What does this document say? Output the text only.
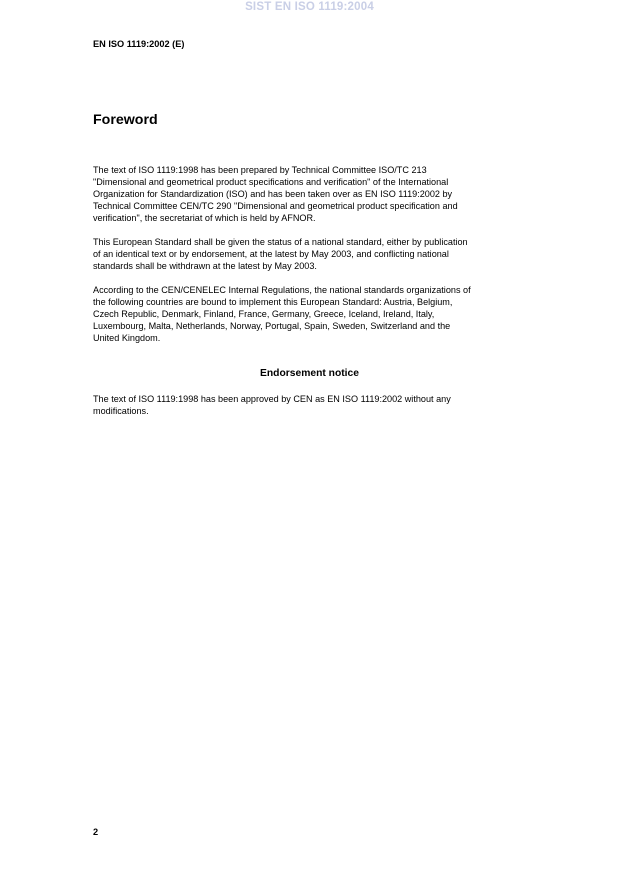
SIST EN ISO 1119:2004
EN ISO 1119:2002 (E)
Foreword

The text of ISO 1119:1998 has been prepared by Technical Committee ISO/TC 213
"Dimensional and geometrical product specifications and verification" of the International
Organization for Standardization (ISO) and has been taken over as EN ISO 1119:2002 by
Technical Committee CEN/TC 290 "Dimensional and geometrical product specification and
verification", the secretariat of which is held by AFNOR.

This European Standard shall be given the status of a national standard, either by publication
of an identical text or by endorsement, at the latest by May 2003, and conflicting national
standards shall be withdrawn at the latest by May 2003.

According to the CEN/CENELEC Internal Regulations, the national standards organizations of
the following countries are bound to implement this European Standard: Austria, Belgium,
Czech Republic, Denmark, Finland, France, Germany, Greece, Iceland, Ireland, Italy,
Luxembourg, Malta, Netherlands, Norway, Portugal, Spain, Sweden, Switzerland and the
United Kingdom.

Endorsement notice

The text of ISO 1119:1998 has been approved by CEN as EN ISO 1119:2002 without any
modifications.

2
